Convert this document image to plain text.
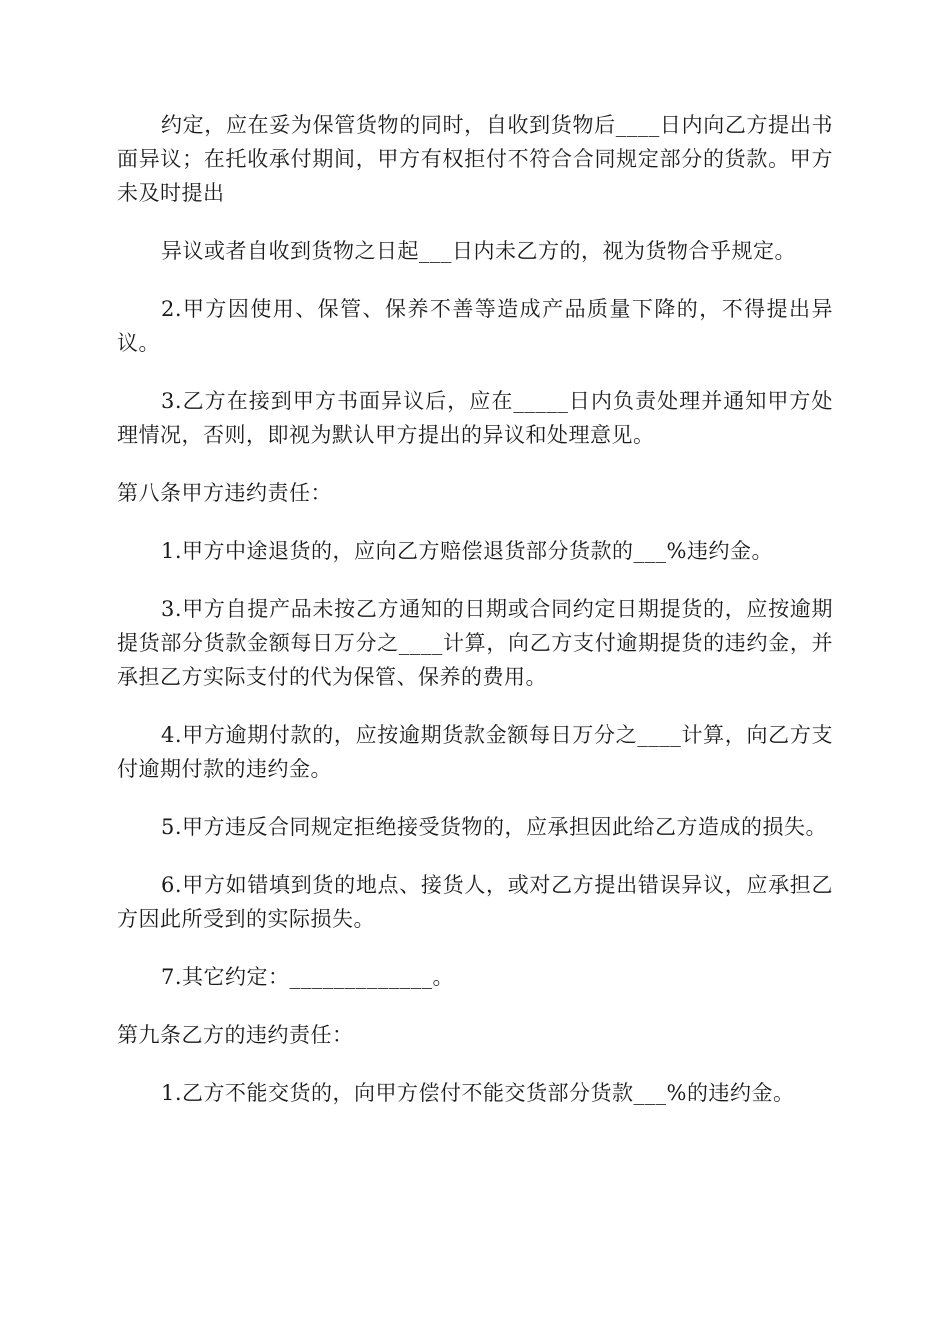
约定，应在妥为保管货物的同时，自收到货物后____日内向乙方提出书面异议；在托收承付期间，甲方有权拒付不符合合同规定部分的货款。甲方未及时提出

异议或者自收到货物之日起___日内未乙方的，视为货物合乎规定。

2.甲方因使用、保管、保养不善等造成产品质量下降的，不得提出异议。

3.乙方在接到甲方书面异议后，应在_____日内负责处理并通知甲方处理情况，否则，即视为默认甲方提出的异议和处理意见。

第八条甲方违约责任：

1.甲方中途退货的，应向乙方赔偿退货部分货款的___%违约金。

3.甲方自提产品未按乙方通知的日期或合同约定日期提货的，应按逾期提货部分货款金额每日万分之____计算，向乙方支付逾期提货的违约金，并承担乙方实际支付的代为保管、保养的费用。

4.甲方逾期付款的，应按逾期货款金额每日万分之____计算，向乙方支付逾期付款的违约金。

5.甲方违反合同规定拒绝接受货物的，应承担因此给乙方造成的损失。

6.甲方如错填到货的地点、接货人，或对乙方提出错误异议，应承担乙方因此所受到的实际损失。

7.其它约定：_____________。

第九条乙方的违约责任：

1.乙方不能交货的，向甲方偿付不能交货部分货款___%的违约金。
